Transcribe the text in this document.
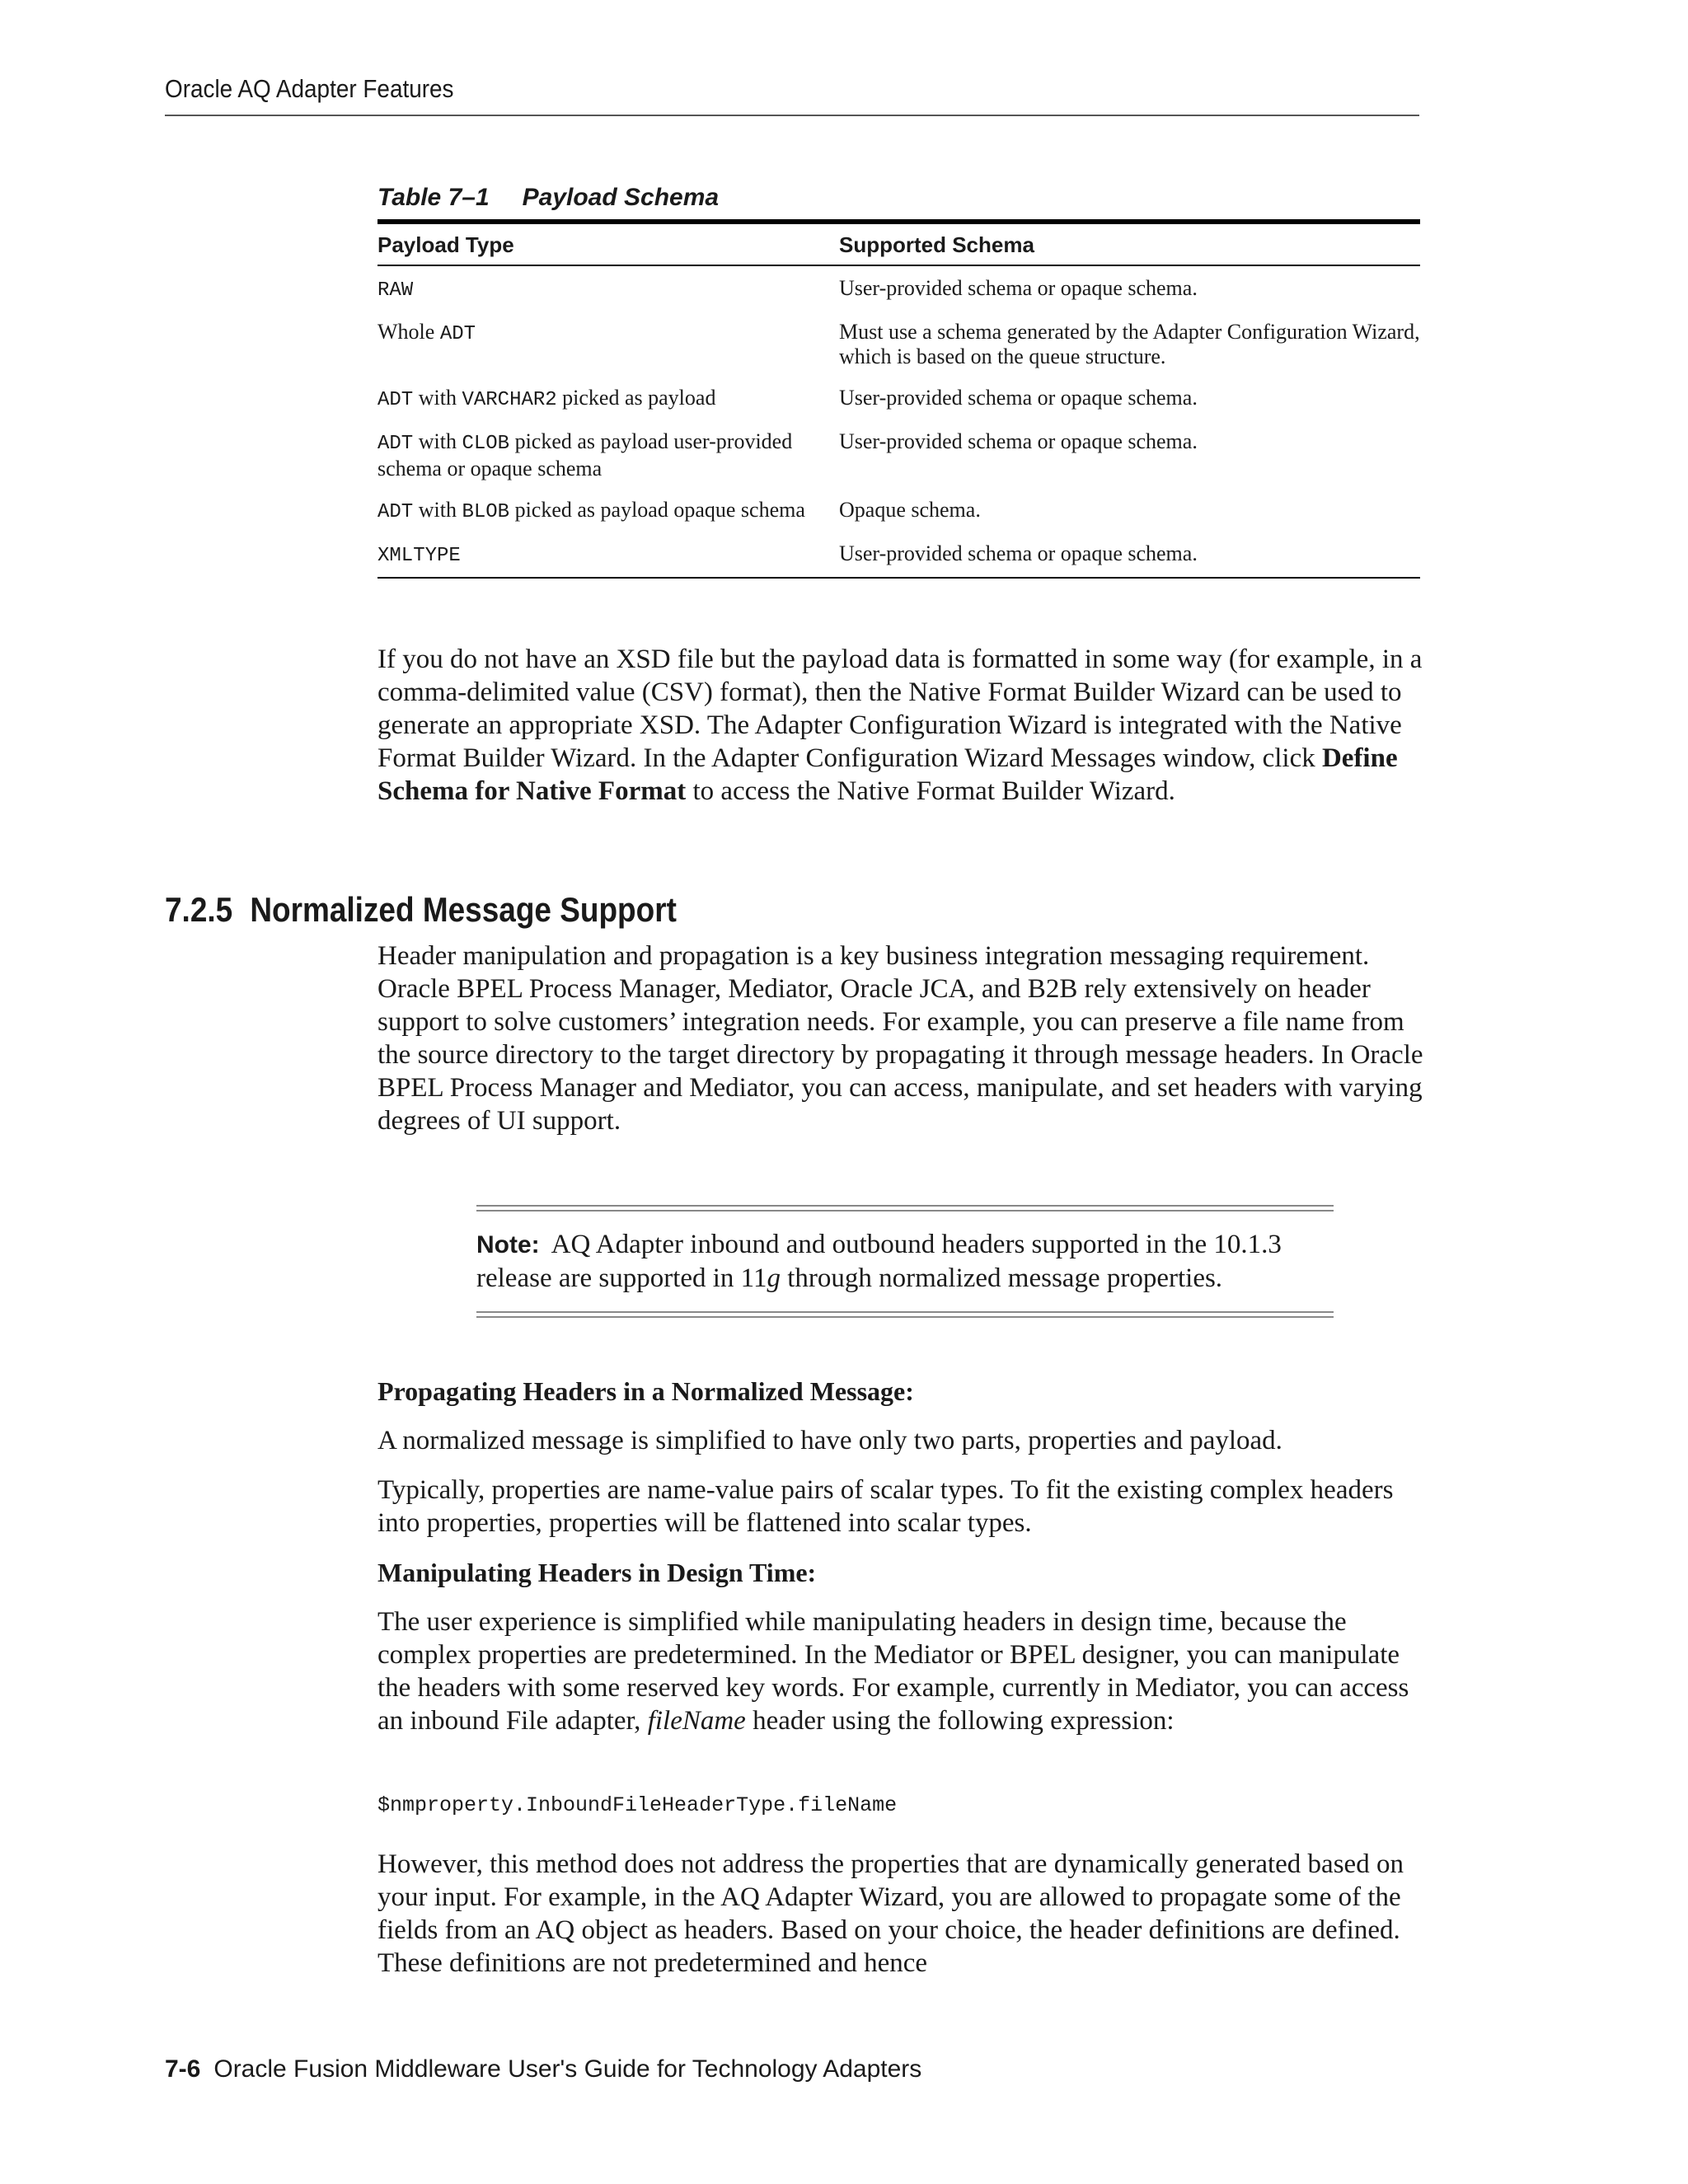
Oracle AQ Adapter Features
Table 7–1 Payload Schema
Payload Type	Supported Schema
RAW	User-provided schema or opaque schema.
Whole ADT	Must use a schema generated by the Adapter Configuration Wizard, which is based on the queue structure.
ADT with VARCHAR2 picked as payload	User-provided schema or opaque schema.
ADT with CLOB picked as payload user-provided schema or opaque schema	User-provided schema or opaque schema.
ADT with BLOB picked as payload opaque schema	Opaque schema.
XMLTYPE	User-provided schema or opaque schema.

If you do not have an XSD file but the payload data is formatted in some way (for example, in a comma-delimited value (CSV) format), then the Native Format Builder Wizard can be used to generate an appropriate XSD. The Adapter Configuration Wizard is integrated with the Native Format Builder Wizard. In the Adapter Configuration Wizard Messages window, click Define Schema for Native Format to access the Native Format Builder Wizard.

7.2.5 Normalized Message Support

Header manipulation and propagation is a key business integration messaging requirement. Oracle BPEL Process Manager, Mediator, Oracle JCA, and B2B rely extensively on header support to solve customers’ integration needs. For example, you can preserve a file name from the source directory to the target directory by propagating it through message headers. In Oracle BPEL Process Manager and Mediator, you can access, manipulate, and set headers with varying degrees of UI support.

Note: AQ Adapter inbound and outbound headers supported in the 10.1.3 release are supported in 11g through normalized message properties.

Propagating Headers in a Normalized Message:

A normalized message is simplified to have only two parts, properties and payload.

Typically, properties are name-value pairs of scalar types. To fit the existing complex headers into properties, properties will be flattened into scalar types.

Manipulating Headers in Design Time:

The user experience is simplified while manipulating headers in design time, because the complex properties are predetermined. In the Mediator or BPEL designer, you can manipulate the headers with some reserved key words. For example, currently in Mediator, you can access an inbound File adapter, fileName header using the following expression:

$nmproperty.InboundFileHeaderType.fileName

However, this method does not address the properties that are dynamically generated based on your input. For example, in the AQ Adapter Wizard, you are allowed to propagate some of the fields from an AQ object as headers. Based on your choice, the header definitions are defined. These definitions are not predetermined and hence

7-6 Oracle Fusion Middleware User's Guide for Technology Adapters
